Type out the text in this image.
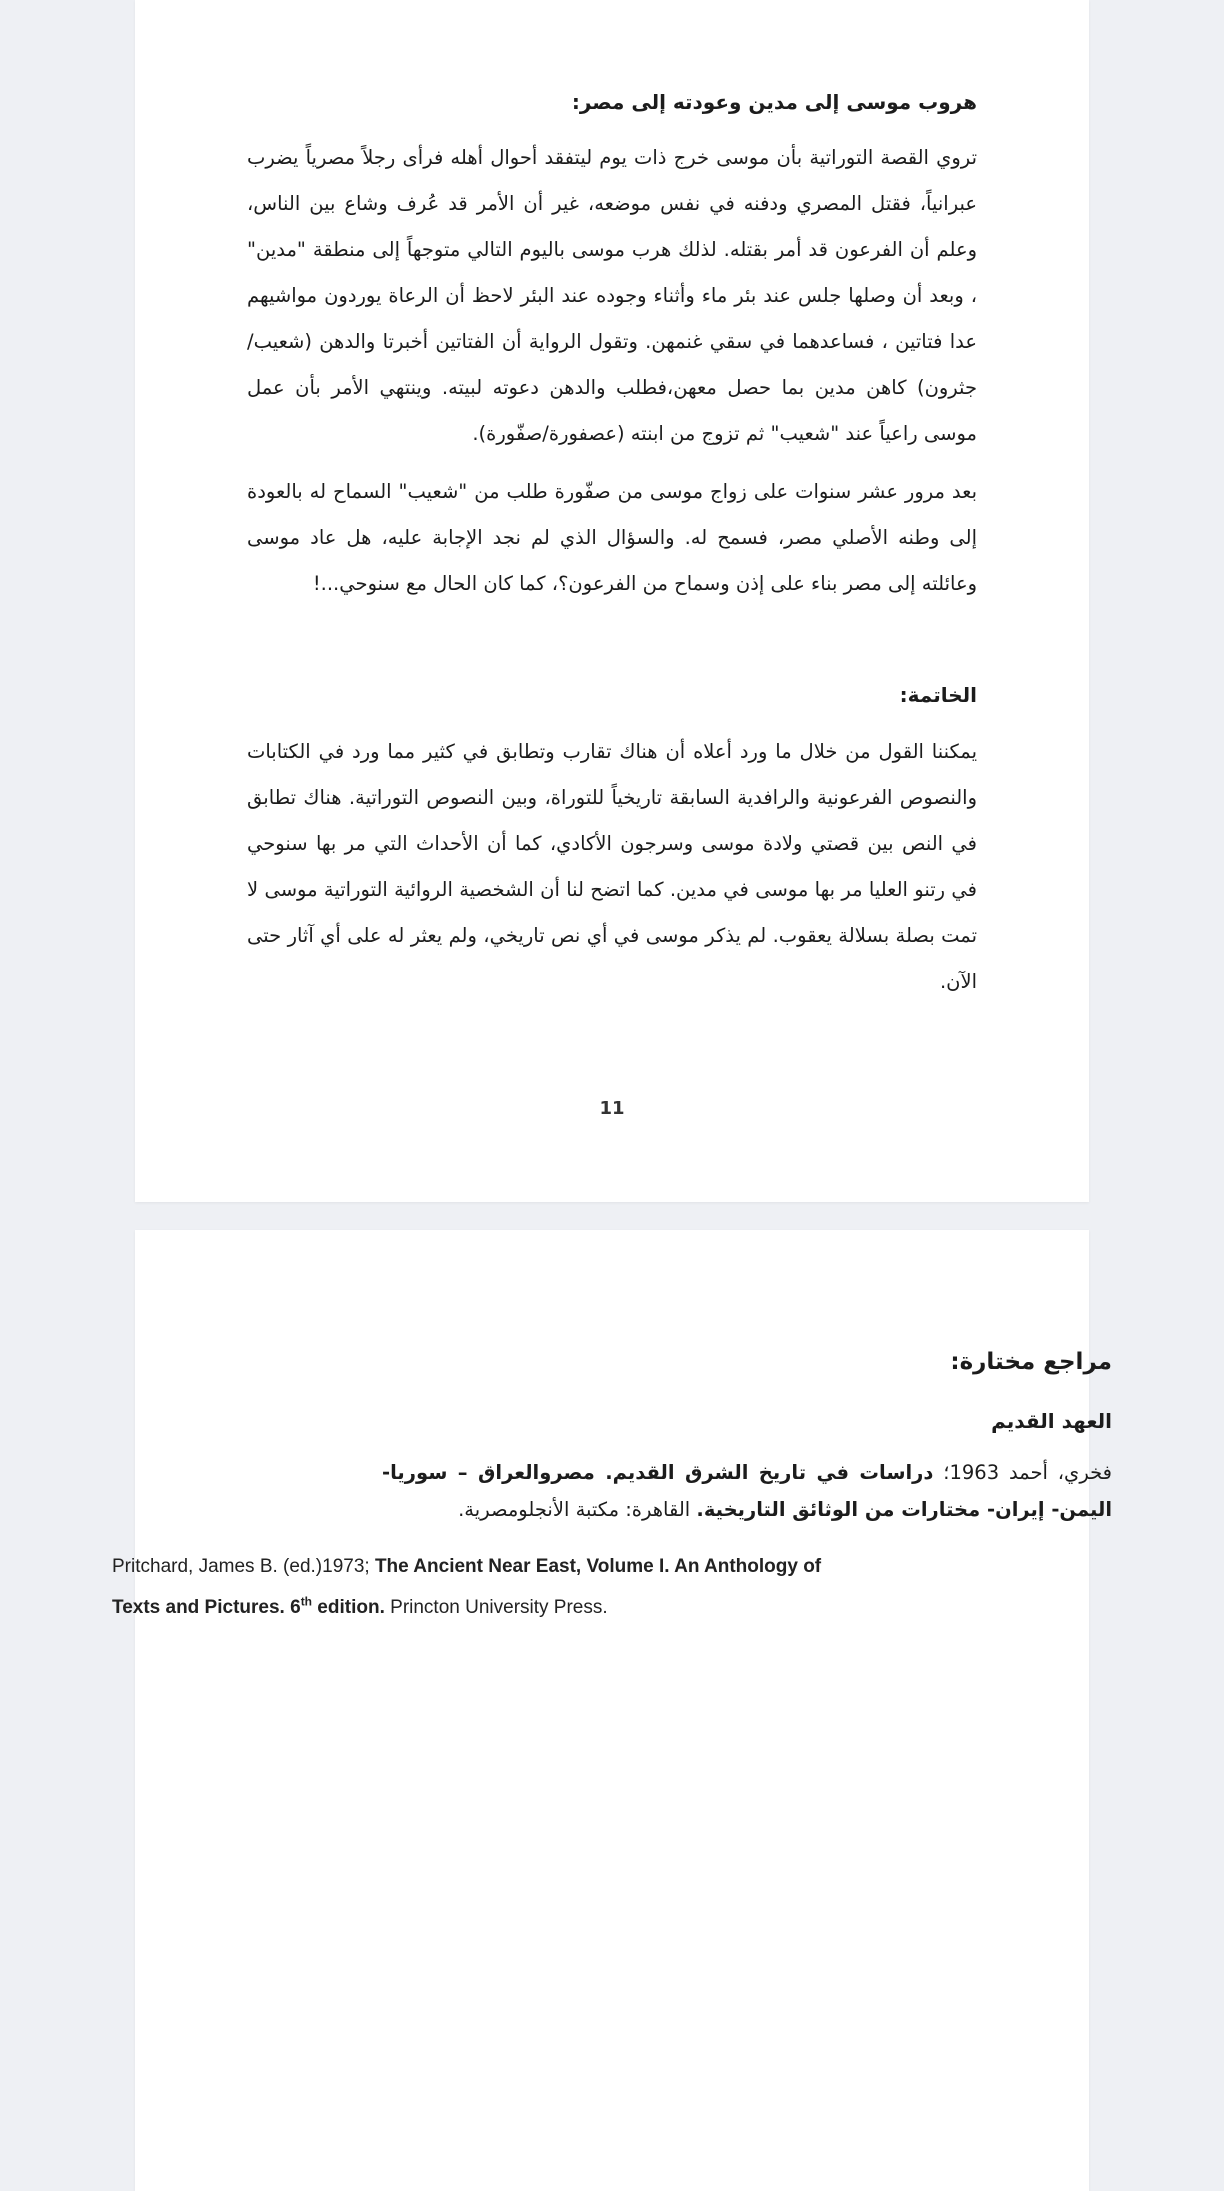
هروب موسى إلى مدين وعودته إلى مصر:

تروي القصة التوراتية بأن موسى خرج ذات يوم ليتفقد أحوال أهله فرأى رجلاً مصرياً يضرب عبرانياً، فقتل المصري ودفنه في نفس موضعه، غير أن الأمر قد عُرف وشاع بين الناس، وعلم أن الفرعون قد أمر بقتله. لذلك هرب موسى باليوم التالي متوجهاً إلى منطقة "مدين" ، وبعد أن وصلها جلس عند بئر ماء وأثناء وجوده عند البئر لاحظ أن الرعاة يوردون مواشيهم عدا فتاتين ، فساعدهما في سقي غنمهن. وتقول الرواية أن الفتاتين أخبرتا والدهن (شعيب/ جثرون) كاهن مدين بما حصل معهن،فطلب والدهن دعوته لبيته. وينتهي الأمر بأن عمل موسى راعياً عند "شعيب" ثم تزوج من ابنته (عصفورة/صفّورة).

بعد مرور عشر سنوات على زواج موسى من صفّورة طلب من "شعيب" السماح له بالعودة إلى وطنه الأصلي مصر، فسمح له. والسؤال الذي لم نجد الإجابة عليه، هل عاد موسى وعائلته إلى مصر بناء على إذن وسماح من الفرعون؟، كما كان الحال مع سنوحي...!

الخاتمة:

يمكننا القول من خلال ما ورد أعلاه أن هناك تقارب وتطابق في كثير مما ورد في الكتابات والنصوص الفرعونية والرافدية السابقة تاريخياً للتوراة، وبين النصوص التوراتية. هناك تطابق في النص بين قصتي ولادة موسى وسرجون الأكادي، كما أن الأحداث التي مر بها سنوحي في رتنو العليا مر بها موسى في مدين. كما اتضح لنا أن الشخصية الروائية التوراتية موسى لا تمت بصلة بسلالة يعقوب. لم يذكر موسى في أي نص تاريخي، ولم يعثر له على أي آثار حتى الآن.

11
مراجع مختارة:
العهد القديم
فخري، أحمد 1963؛ دراسات في تاريخ الشرق القديم. مصروالعراق – سوريا- اليمن- إيران- مختارات من الوثائق التاريخية. القاهرة: مكتبة الأنجلومصرية.
Pritchard, James B. (ed.)1973; The Ancient Near East, Volume I. An Anthology of Texts and Pictures. 6th edition. Princton University Press.
